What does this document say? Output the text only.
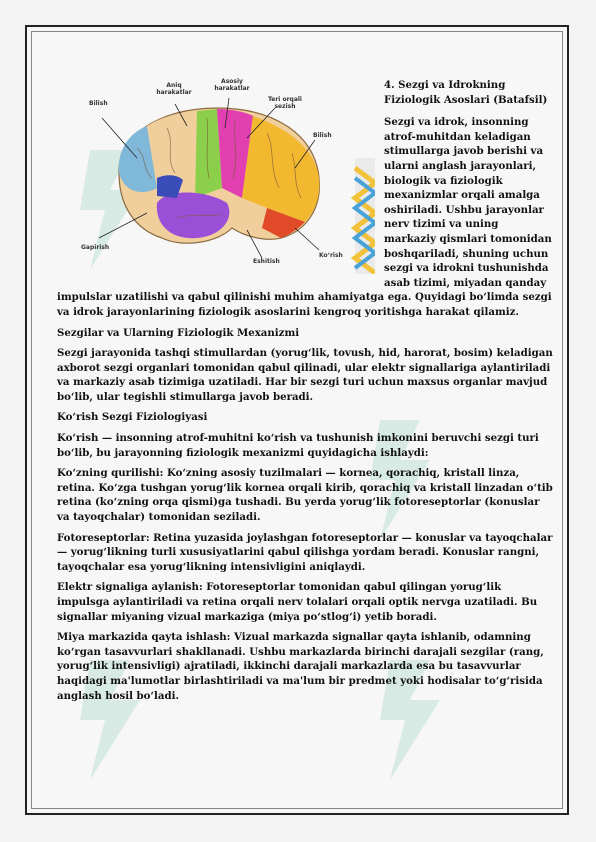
Bilish
Aniq harakatlar
Asosiy harakatlar
Teri orqali sezish
Bilish
Gapirish
Eshitish
Ko‘rish
4. Sezgi va Idrokning Fiziologik Asoslari (Batafsil)

Sezgi va idrok, insonning atrof-muhitdan keladigan stimullarga javob berishi va ularni anglash jarayonlari, biologik va fiziologik mexanizmlar orqali amalga oshiriladi. Ushbu jarayonlar nerv tizimi va uning markaziy qismlari tomonidan boshqariladi, shuning uchun sezgi va idrokni tushunishda asab tizimi, miyadan qanday impulslar uzatilishi va qabul qilinishi muhim ahamiyatga ega. Quyidagi bo‘limda sezgi va idrok jarayonlarining fiziologik asoslarini kengroq yoritishga harakat qilamiz.

Sezgilar va Ularning Fiziologik Mexanizmi

Sezgi jarayonida tashqi stimullardan (yorug‘lik, tovush, hid, harorat, bosim) keladigan axborot sezgi organlari tomonidan qabul qilinadi, ular elektr signallariga aylantiriladi va markaziy asab tizimiga uzatiladi. Har bir sezgi turi uchun maxsus organlar mavjud bo‘lib, ular tegishli stimullarga javob beradi.

Ko‘rish Sezgi Fiziologiyasi

Ko‘rish — insonning atrof-muhitni ko‘rish va tushunish imkonini beruvchi sezgi turi bo‘lib, bu jarayonning fiziologik mexanizmi quyidagicha ishlaydi:

Ko‘zning qurilishi: Ko‘zning asosiy tuzilmalari — kornea, qorachiq, kristall linza, retina. Ko‘zga tushgan yorug‘lik kornea orqali kirib, qorachiq va kristall linzadan o‘tib retina (ko‘zning orqa qismi)ga tushadi. Bu yerda yorug‘lik fotoreseptorlar (konuslar va tayoqchalar) tomonidan seziladi.

Fotoreseptorlar: Retina yuzasida joylashgan fotoreseptorlar — konuslar va tayoqchalar — yorug‘likning turli xususiyatlarini qabul qilishga yordam beradi. Konuslar rangni, tayoqchalar esa yorug‘likning intensivligini aniqlaydi.

Elektr signaliga aylanish: Fotoreseptorlar tomonidan qabul qilingan yorug‘lik impulsga aylantiriladi va retina orqali nerv tolalari orqali optik nervga uzatiladi. Bu signallar miyaning vizual markaziga (miya po‘stlog‘i) yetib boradi.

Miya markazida qayta ishlash: Vizual markazda signallar qayta ishlanib, odamning ko‘rgan tasavvurlari shakllanadi. Ushbu markazlarda birinchi darajali sezgilar (rang, yorug‘lik intensivligi) ajratiladi, ikkinchi darajali markazlarda esa bu tasavvurlar haqidagi ma'lumotlar birlashtiriladi va ma'lum bir predmet yoki hodisalar to‘g‘risida anglash hosil bo‘ladi.
